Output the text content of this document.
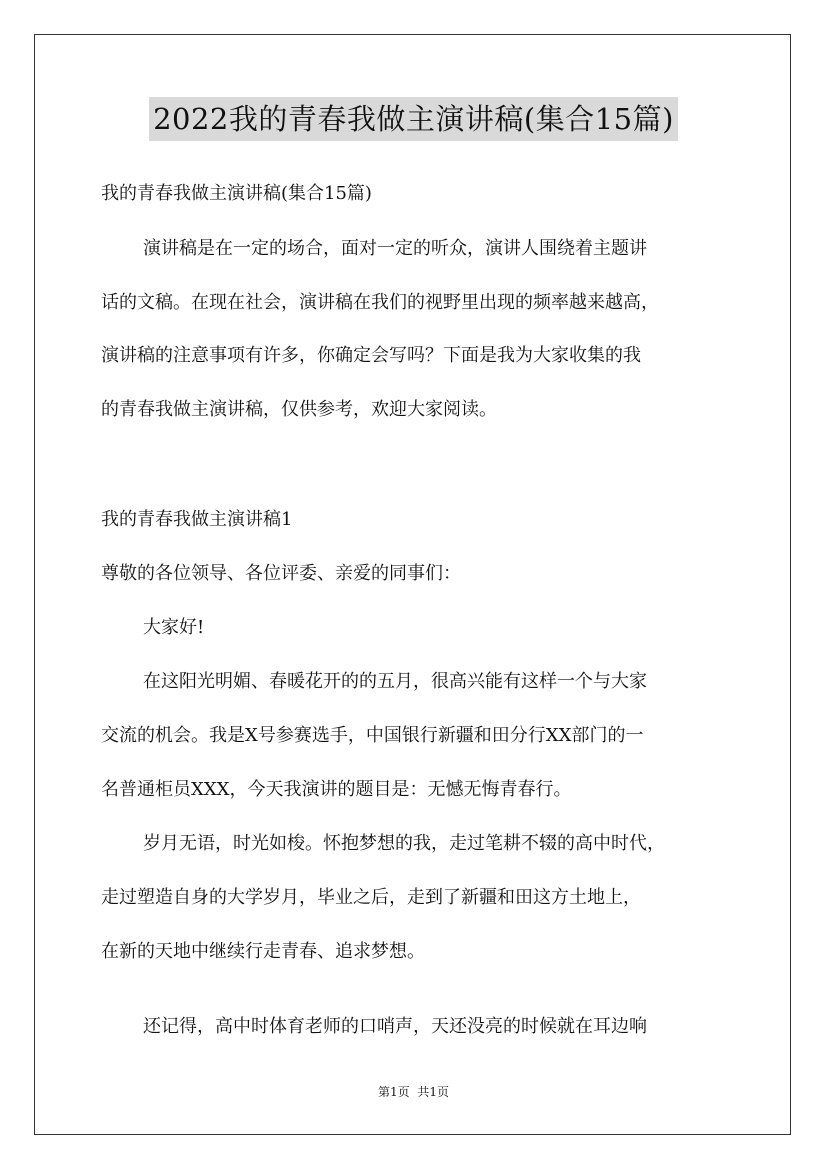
2022我的青春我做主演讲稿(集合15篇)
我的青春我做主演讲稿(集合15篇)
演讲稿是在一定的场合，面对一定的听众，演讲人围绕着主题讲
话的文稿。在现在社会，演讲稿在我们的视野里出现的频率越来越高，
演讲稿的注意事项有许多，你确定会写吗？下面是我为大家收集的我
的青春我做主演讲稿，仅供参考，欢迎大家阅读。
我的青春我做主演讲稿1
尊敬的各位领导、各位评委、亲爱的同事们：
大家好!
在这阳光明媚、春暖花开的的五月，很高兴能有这样一个与大家
交流的机会。我是X号参赛选手，中国银行新疆和田分行XX部门的一
名普通柜员XXX，今天我演讲的题目是：无憾无悔青春行。
岁月无语，时光如梭。怀抱梦想的我，走过笔耕不辍的高中时代，
走过塑造自身的大学岁月，毕业之后，走到了新疆和田这方土地上，
在新的天地中继续行走青春、追求梦想。
还记得，高中时体育老师的口哨声，天还没亮的时候就在耳边响
第1页 共1页
